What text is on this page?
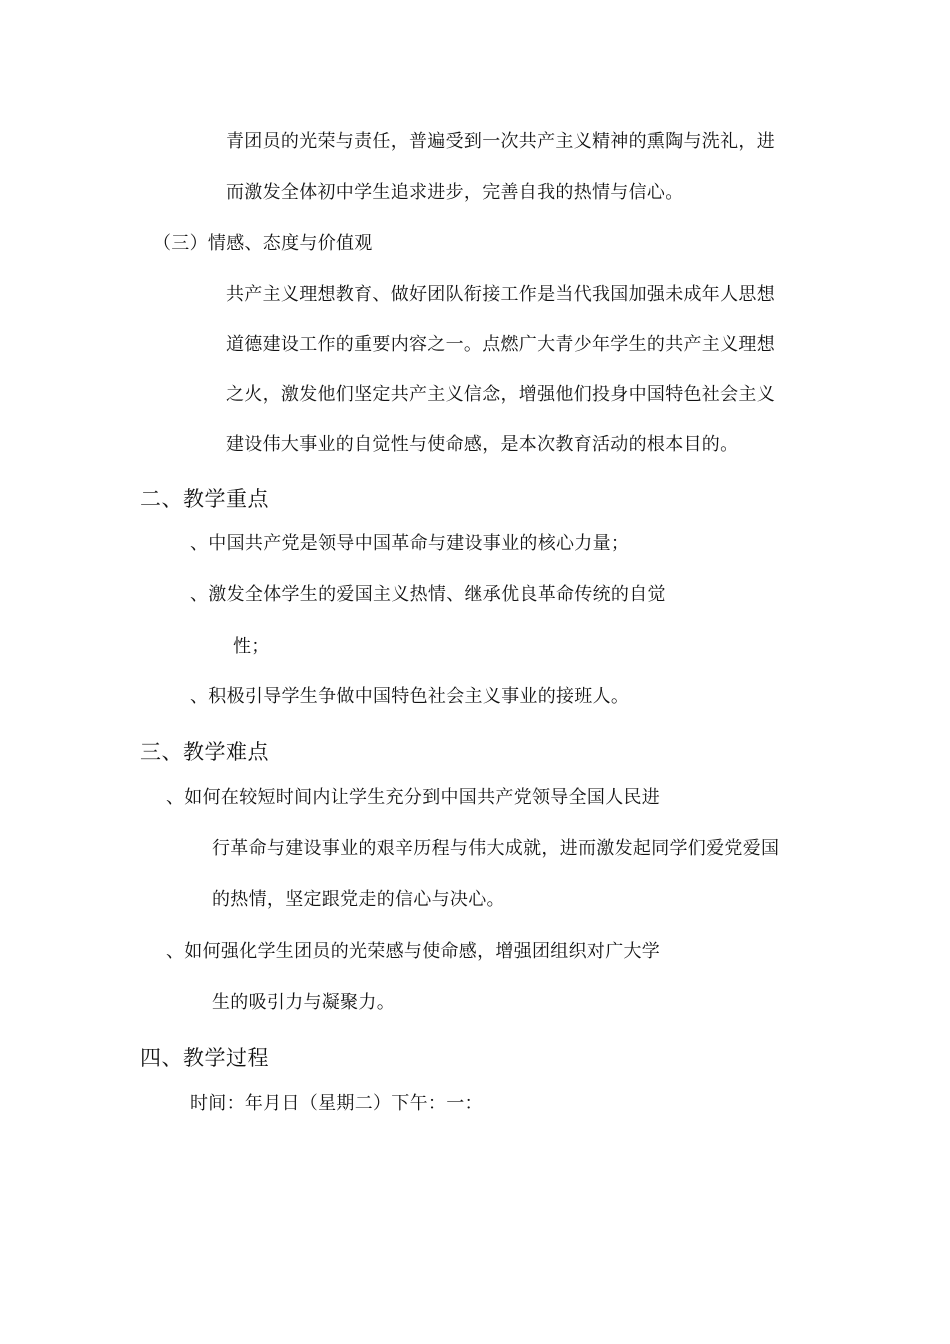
青团员的光荣与责任，普遍受到一次共产主义精神的熏陶与洗礼，进
而激发全体初中学生追求进步，完善自我的热情与信心。
（三）情感、态度与价值观
共产主义理想教育、做好团队衔接工作是当代我国加强未成年人思想
道德建设工作的重要内容之一。点燃广大青少年学生的共产主义理想
之火，激发他们坚定共产主义信念，增强他们投身中国特色社会主义
建设伟大事业的自觉性与使命感，是本次教育活动的根本目的。
二、教学重点
、中国共产党是领导中国革命与建设事业的核心力量；
、激发全体学生的爱国主义热情、继承优良革命传统的自觉
性；
、积极引导学生争做中国特色社会主义事业的接班人。
三、教学难点
、如何在较短时间内让学生充分到中国共产党领导全国人民进
行革命与建设事业的艰辛历程与伟大成就，进而激发起同学们爱党爱国
的热情，坚定跟党走的信心与决心。
、如何强化学生团员的光荣感与使命感，增强团组织对广大学
生的吸引力与凝聚力。
四、教学过程
时间：年月日（星期二）下午：一：
